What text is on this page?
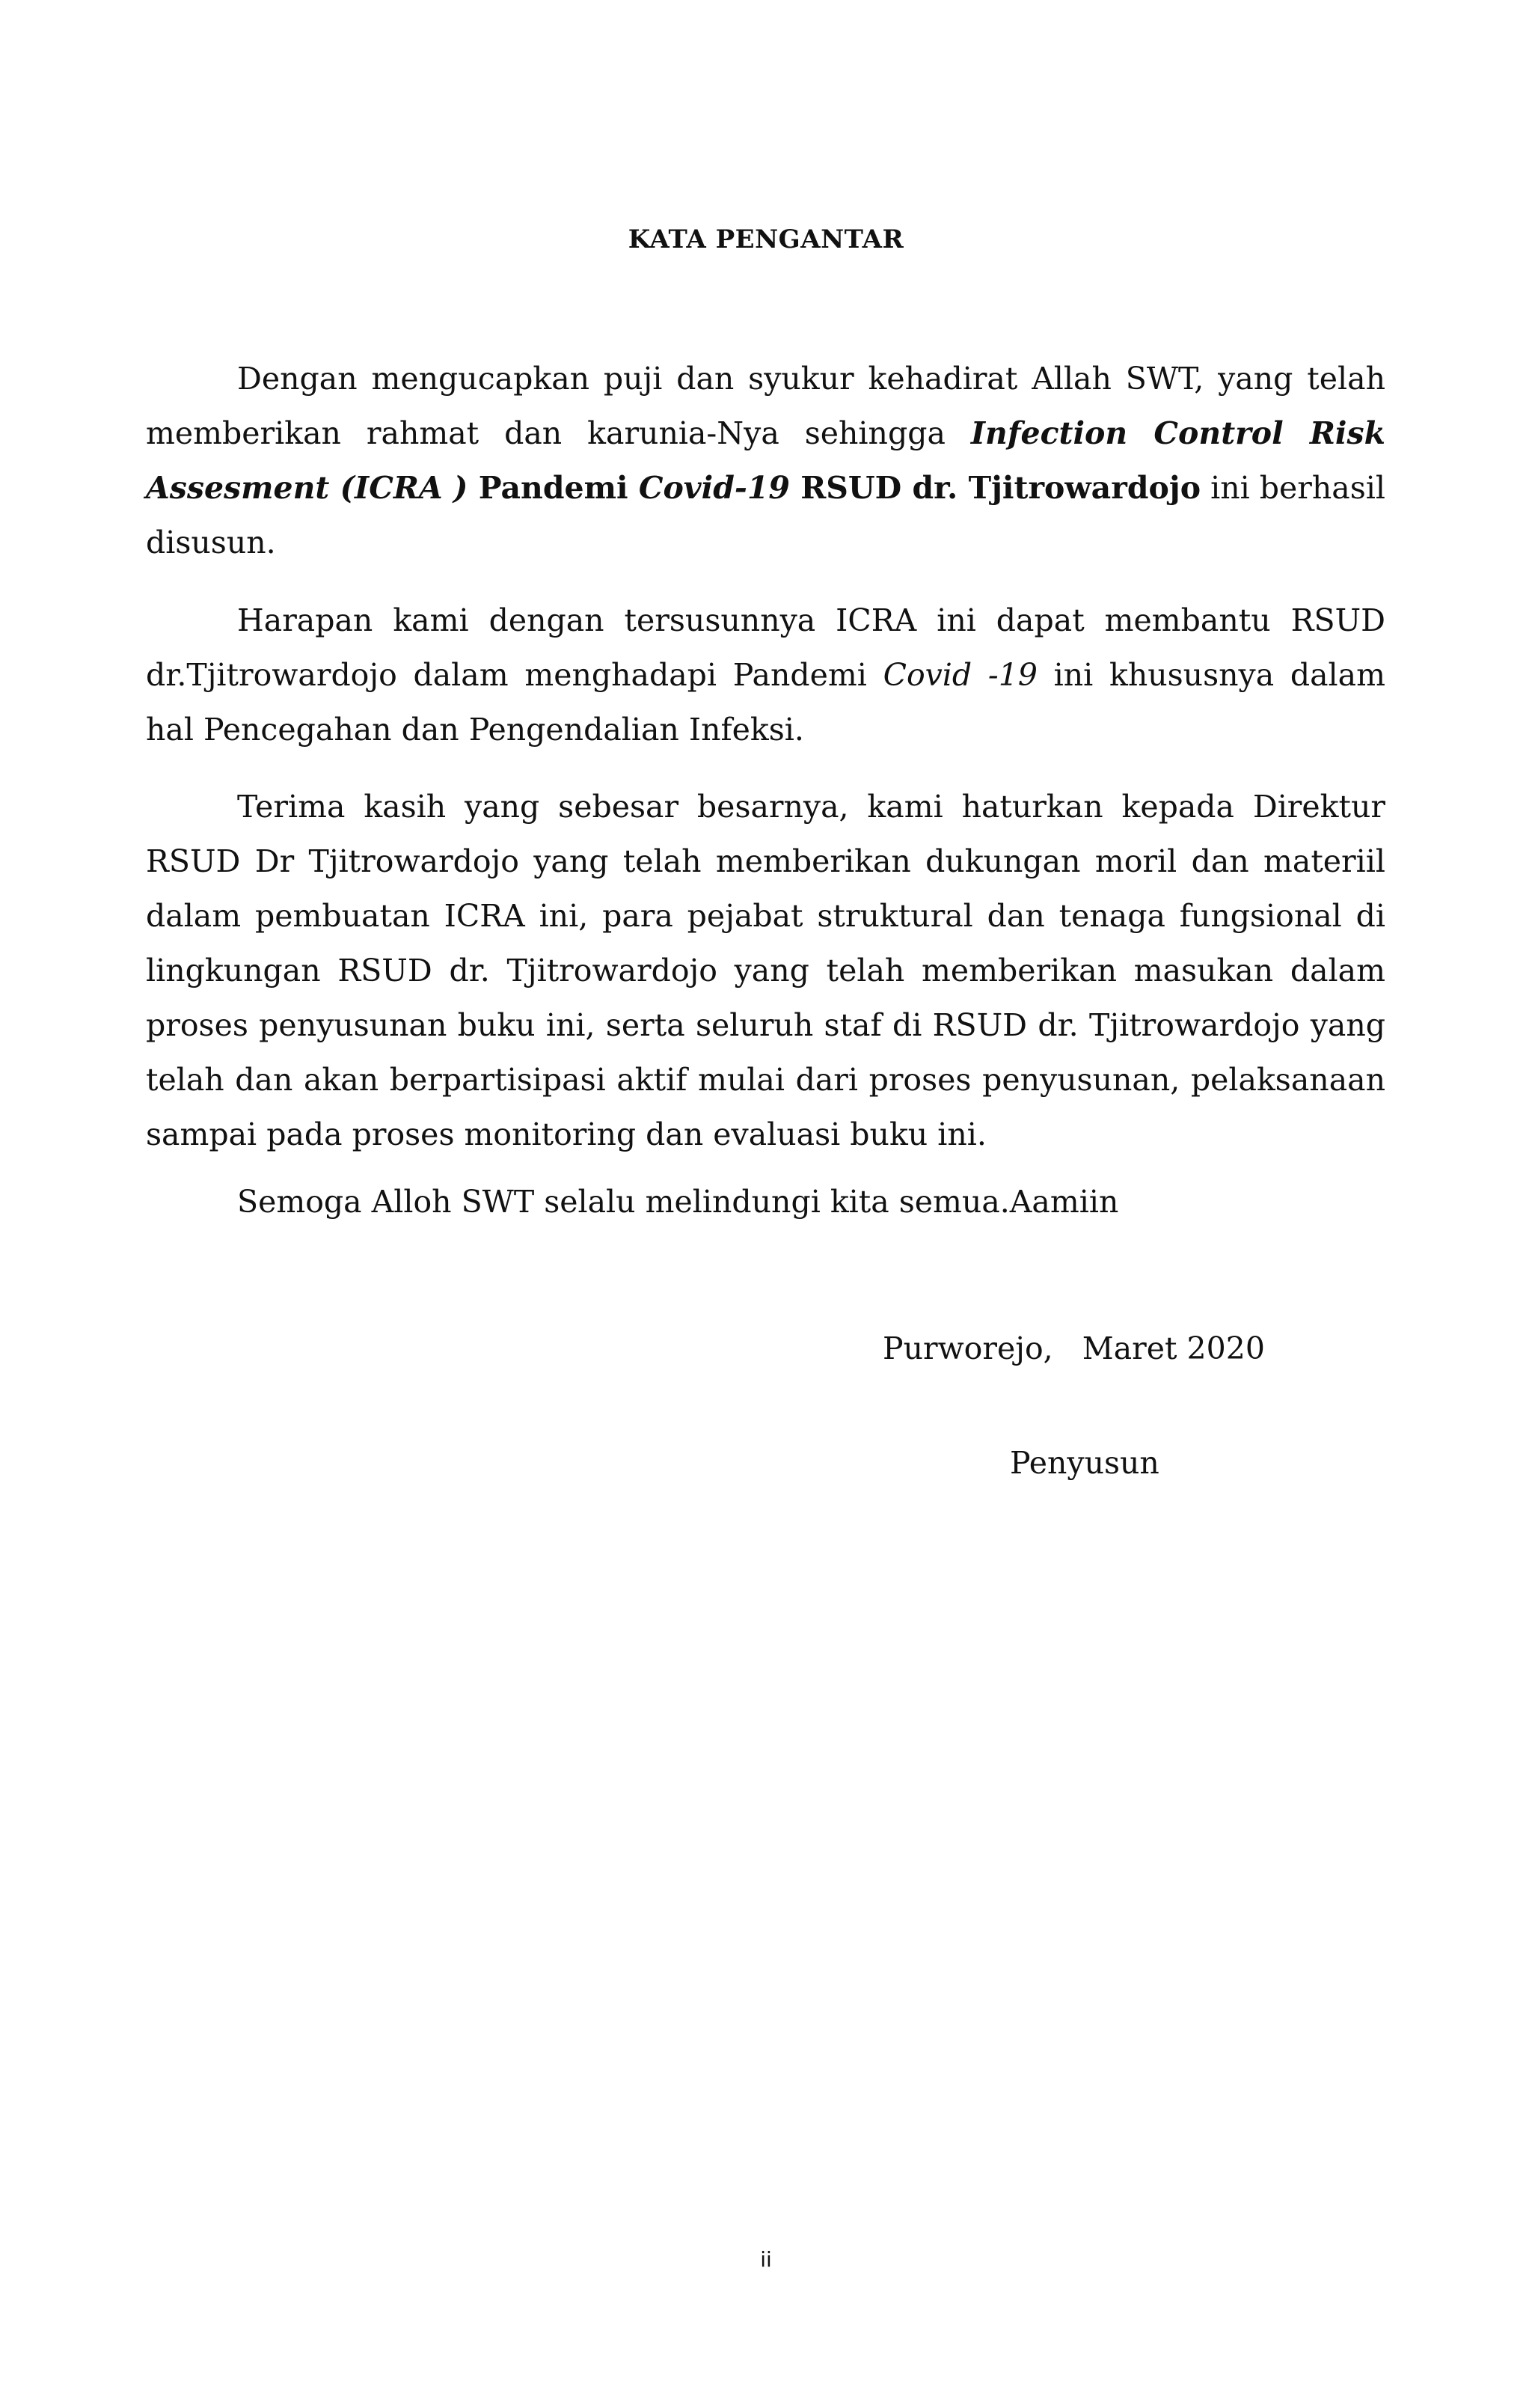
KATA PENGANTAR

Dengan mengucapkan puji dan syukur kehadirat Allah SWT, yang telah memberikan rahmat dan karunia-Nya sehingga Infection Control Risk Assesment (ICRA ) Pandemi Covid-19 RSUD dr. Tjitrowardojo ini berhasil disusun.

Harapan kami dengan tersusunnya ICRA ini dapat membantu RSUD dr.Tjitrowardojo dalam menghadapi Pandemi Covid -19 ini khususnya dalam hal Pencegahan dan Pengendalian Infeksi.

Terima kasih yang sebesar besarnya, kami haturkan kepada Direktur RSUD Dr Tjitrowardojo yang telah memberikan dukungan moril dan materiil dalam pembuatan ICRA ini, para pejabat struktural dan tenaga fungsional di lingkungan RSUD dr. Tjitrowardojo yang telah memberikan masukan dalam proses penyusunan buku ini, serta seluruh staf di RSUD dr. Tjitrowardojo yang telah dan akan berpartisipasi aktif mulai dari proses penyusunan, pelaksanaan sampai pada proses monitoring dan evaluasi buku ini.

Semoga Alloh SWT selalu melindungi kita semua.Aamiin

Purworejo,   Maret 2020
Penyusun
ii
